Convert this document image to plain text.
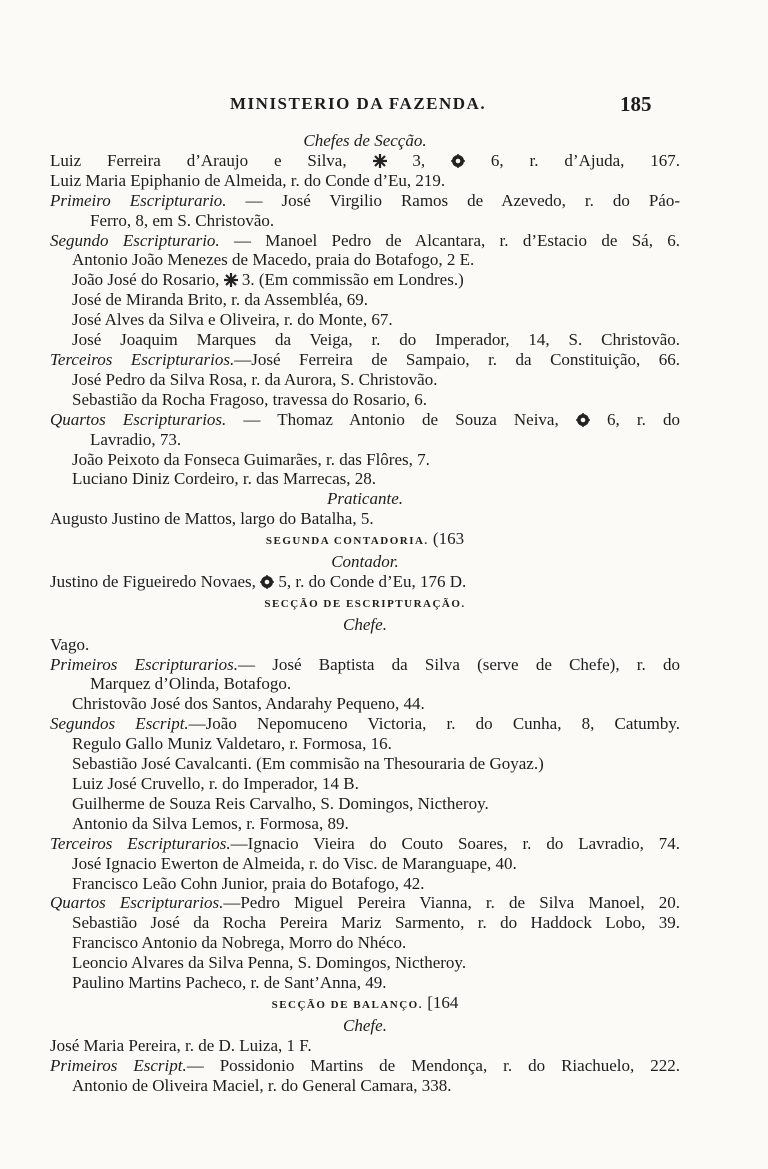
MINISTERIO DA FAZENDA.	185
Chefes de Secção.
Luiz Ferreira d’Araujo e Silva,  3,  6, r. d’Ajuda, 167.
Luiz Maria Epiphanio de Almeida, r. do Conde d’Eu, 219.
Primeiro Escripturario. — José Virgilio Ramos de Azevedo, r. do Páo-
Ferro, 8, em S. Christovão.
Segundo Escripturario. — Manoel Pedro de Alcantara, r. d’Estacio de Sá, 6.
Antonio João Menezes de Macedo, praia do Botafogo, 2 E.
João José do Rosario,  3. (Em commissão em Londres.)
José de Miranda Brito, r. da Assembléa, 69.
José Alves da Silva e Oliveira, r. do Monte, 67.
José Joaquim Marques da Veiga, r. do Imperador, 14, S. Christovão.
Terceiros Escripturarios.—José Ferreira de Sampaio, r. da Constituição, 66.
José Pedro da Silva Rosa, r. da Aurora, S. Christovão.
Sebastião da Rocha Fragoso, travessa do Rosario, 6.
Quartos Escripturarios. — Thomaz Antonio de Souza Neiva,  6, r. do
Lavradio, 73.
João Peixoto da Fonseca Guimarães, r. das Flôres, 7.
Luciano Diniz Cordeiro, r. das Marrecas, 28.
Praticante.
Augusto Justino de Mattos, largo do Batalha, 5.
SEGUNDA CONTADORIA. (163
Contador.
Justino de Figueiredo Novaes,  5, r. do Conde d’Eu, 176 D.
SECÇÃO DE ESCRIPTURAÇÃO.
Chefe.
Vago.
Primeiros Escripturarios.— José Baptista da Silva (serve de Chefe), r. do
Marquez d’Olinda, Botafogo.
Christovão José dos Santos, Andarahy Pequeno, 44.
Segundos Escript.—João Nepomuceno Victoria, r. do Cunha, 8, Catumby.
Regulo Gallo Muniz Valdetaro, r. Formosa, 16.
Sebastião José Cavalcanti. (Em commisão na Thesouraria de Goyaz.)
Luiz José Cruvello, r. do Imperador, 14 B.
Guilherme de Souza Reis Carvalho, S. Domingos, Nictheroy.
Antonio da Silva Lemos, r. Formosa, 89.
Terceiros Escripturarios.—Ignacio Vieira do Couto Soares, r. do Lavradio, 74.
José Ignacio Ewerton de Almeida, r. do Visc. de Maranguape, 40.
Francisco Leão Cohn Junior, praia do Botafogo, 42.
Quartos Escripturarios.—Pedro Miguel Pereira Vianna, r. de Silva Manoel, 20.
Sebastião José da Rocha Pereira Mariz Sarmento, r. do Haddock Lobo, 39.
Francisco Antonio da Nobrega, Morro do Nhéco.
Leoncio Alvares da Silva Penna, S. Domingos, Nictheroy.
Paulino Martins Pacheco, r. de Sant’Anna, 49.
SECÇÃO DE BALANÇO. [164
Chefe.
José Maria Pereira, r. de D. Luiza, 1 F.
Primeiros Escript.— Possidonio Martins de Mendonça, r. do Riachuelo, 222.
Antonio de Oliveira Maciel, r. do General Camara, 338.
